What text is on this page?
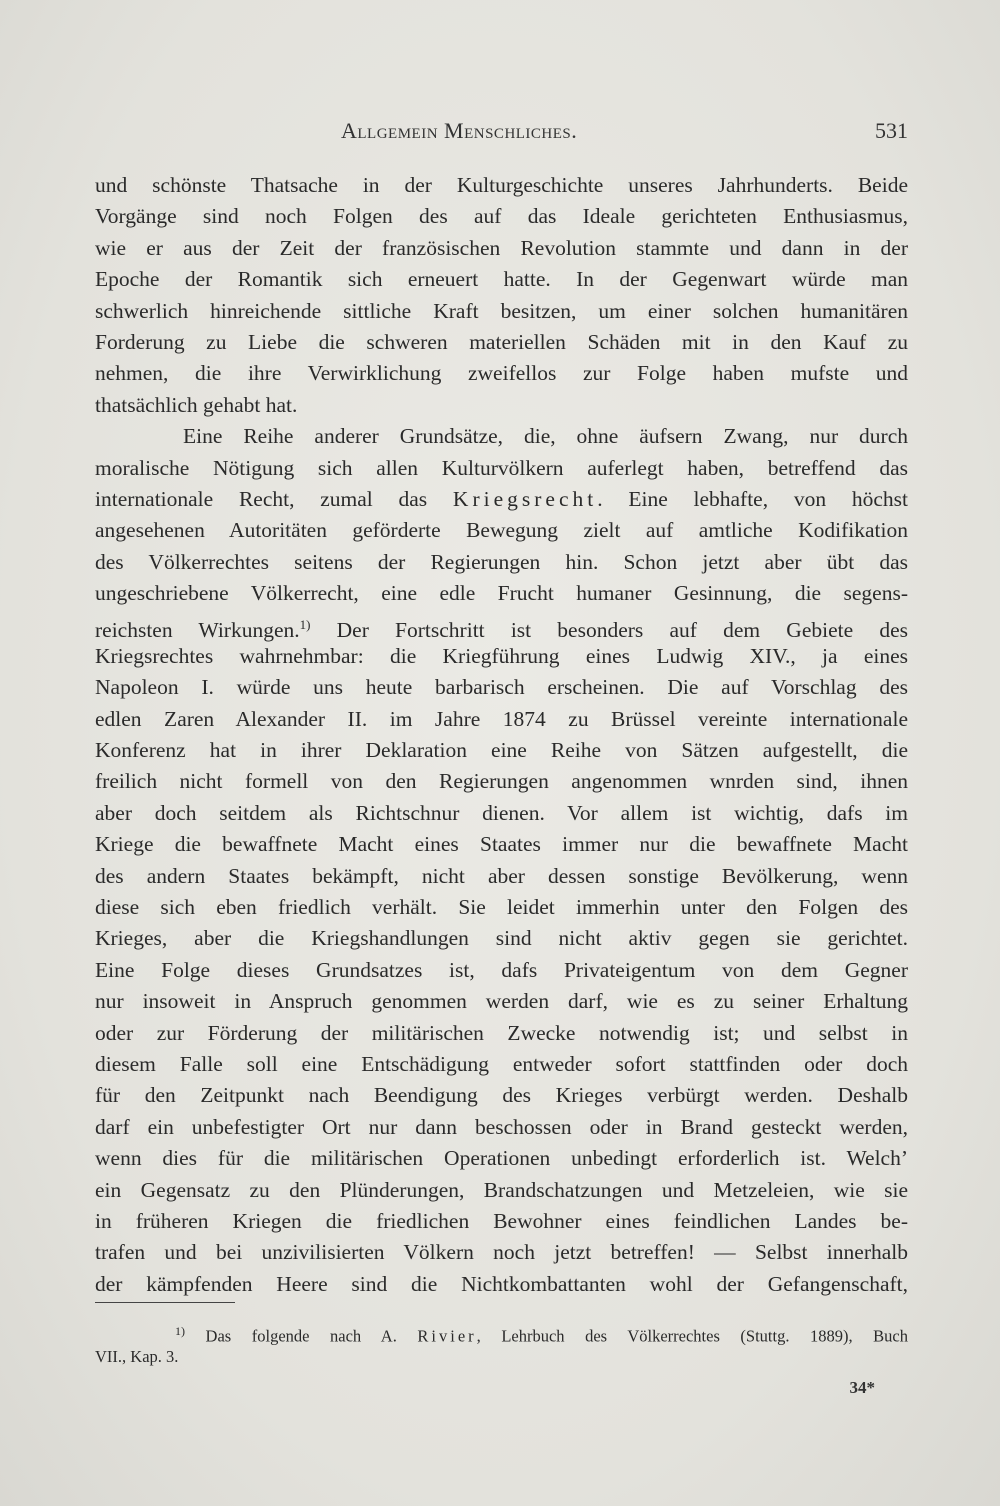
Allgemein Menschliches.	531
und schönste Thatsache in der Kulturgeschichte unseres Jahrhunderts. Beide
Vorgänge sind noch Folgen des auf das Ideale gerichteten Enthusiasmus,
wie er aus der Zeit der französischen Revolution stammte und dann in der
Epoche der Romantik sich erneuert hatte. In der Gegenwart würde man
schwerlich hinreichende sittliche Kraft besitzen, um einer solchen humanitären
Forderung zu Liebe die schweren materiellen Schäden mit in den Kauf zu
nehmen, die ihre Verwirklichung zweifellos zur Folge haben mufste und
thatsächlich gehabt hat.
Eine Reihe anderer Grundsätze, die, ohne äufsern Zwang, nur durch
moralische Nötigung sich allen Kulturvölkern auferlegt haben, betreffend das
internationale Recht, zumal das Kriegsrecht. Eine lebhafte, von höchst
angesehenen Autoritäten geförderte Bewegung zielt auf amtliche Kodifikation
des Völkerrechtes seitens der Regierungen hin. Schon jetzt aber übt das
ungeschriebene Völkerrecht, eine edle Frucht humaner Gesinnung, die segens-
reichsten Wirkungen.$^{1)}$ Der Fortschritt ist besonders auf dem Gebiete des
Kriegsrechtes wahrnehmbar: die Kriegführung eines Ludwig XIV., ja eines
Napoleon I. würde uns heute barbarisch erscheinen. Die auf Vorschlag des
edlen Zaren Alexander II. im Jahre 1874 zu Brüssel vereinte internationale
Konferenz hat in ihrer Deklaration eine Reihe von Sätzen aufgestellt, die
freilich nicht formell von den Regierungen angenommen wnrden sind, ihnen
aber doch seitdem als Richtschnur dienen. Vor allem ist wichtig, dafs im
Kriege die bewaffnete Macht eines Staates immer nur die bewaffnete Macht
des andern Staates bekämpft, nicht aber dessen sonstige Bevölkerung, wenn
diese sich eben friedlich verhält. Sie leidet immerhin unter den Folgen des
Krieges, aber die Kriegshandlungen sind nicht aktiv gegen sie gerichtet.
Eine Folge dieses Grundsatzes ist, dafs Privateigentum von dem Gegner
nur insoweit in Anspruch genommen werden darf, wie es zu seiner Erhaltung
oder zur Förderung der militärischen Zwecke notwendig ist; und selbst in
diesem Falle soll eine Entschädigung entweder sofort stattfinden oder doch
für den Zeitpunkt nach Beendigung des Krieges verbürgt werden. Deshalb
darf ein unbefestigter Ort nur dann beschossen oder in Brand gesteckt werden,
wenn dies für die militärischen Operationen unbedingt erforderlich ist. Welch’
ein Gegensatz zu den Plünderungen, Brandschatzungen und Metzeleien, wie sie
in früheren Kriegen die friedlichen Bewohner eines feindlichen Landes be-
trafen und bei unzivilisierten Völkern noch jetzt betreffen! — Selbst innerhalb
der kämpfenden Heere sind die Nichtkombattanten wohl der Gefangenschaft,
$^{1)}$ Das folgende nach A. Rivier, Lehrbuch des Völkerrechtes (Stuttg. 1889), Buch
VII., Kap. 3.
34*
